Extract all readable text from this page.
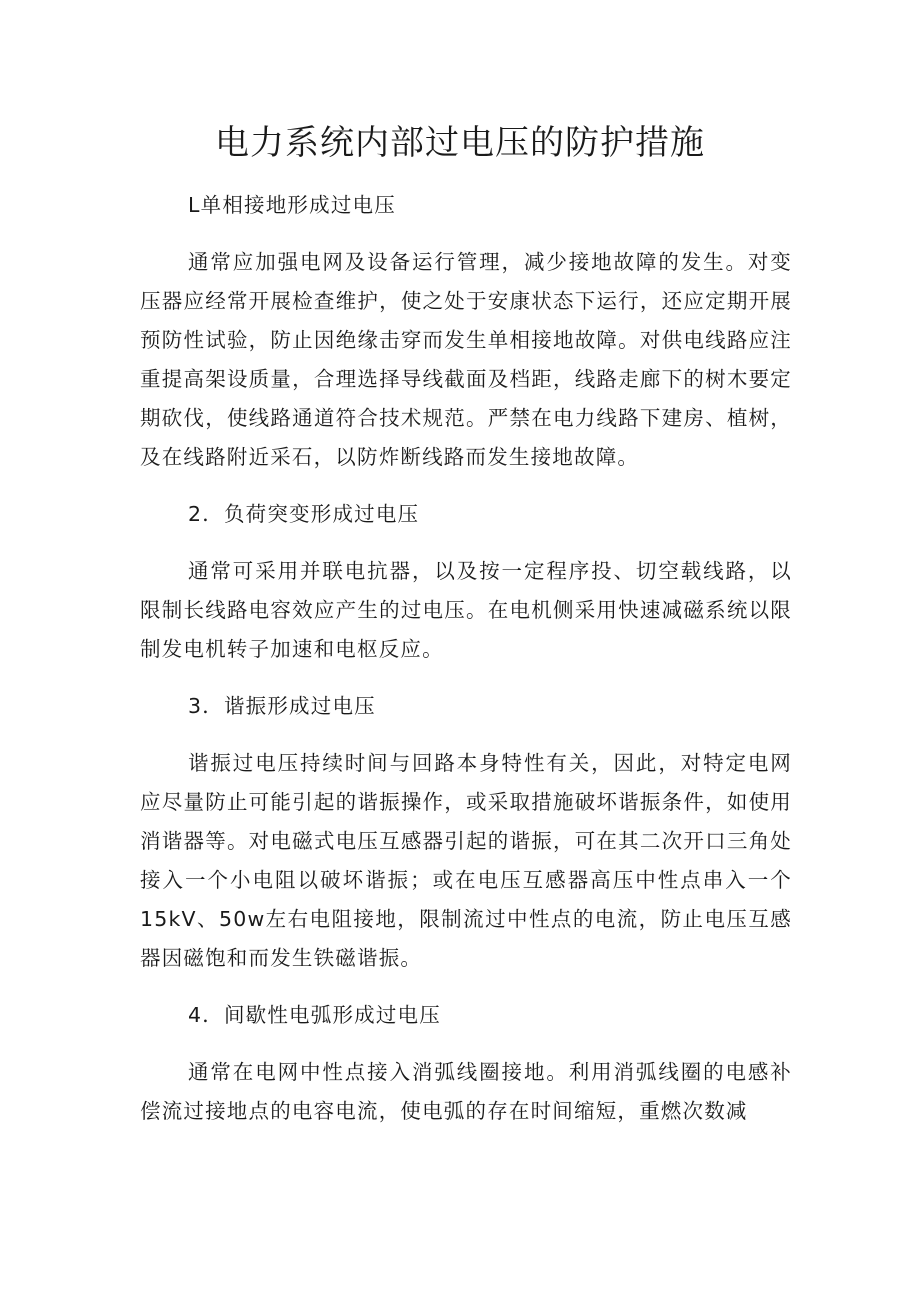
电力系统内部过电压的防护措施

L单相接地形成过电压

通常应加强电网及设备运行管理，减少接地故障的发生。对变压器应经常开展检查维护，使之处于安康状态下运行，还应定期开展预防性试验，防止因绝缘击穿而发生单相接地故障。对供电线路应注重提高架设质量，合理选择导线截面及档距，线路走廊下的树木要定期砍伐，使线路通道符合技术规范。严禁在电力线路下建房、植树，及在线路附近采石，以防炸断线路而发生接地故障。

2．负荷突变形成过电压

通常可采用并联电抗器，以及按一定程序投、切空载线路，以限制长线路电容效应产生的过电压。在电机侧采用快速减磁系统以限制发电机转子加速和电枢反应。

3．谐振形成过电压

谐振过电压持续时间与回路本身特性有关，因此，对特定电网应尽量防止可能引起的谐振操作，或采取措施破坏谐振条件，如使用消谐器等。对电磁式电压互感器引起的谐振，可在其二次开口三角处接入一个小电阻以破坏谐振；或在电压互感器高压中性点串入一个15kV、50w左右电阻接地，限制流过中性点的电流，防止电压互感器因磁饱和而发生铁磁谐振。

4．间歇性电弧形成过电压

通常在电网中性点接入消弧线圈接地。利用消弧线圈的电感补偿流过接地点的电容电流，使电弧的存在时间缩短，重燃次数减
